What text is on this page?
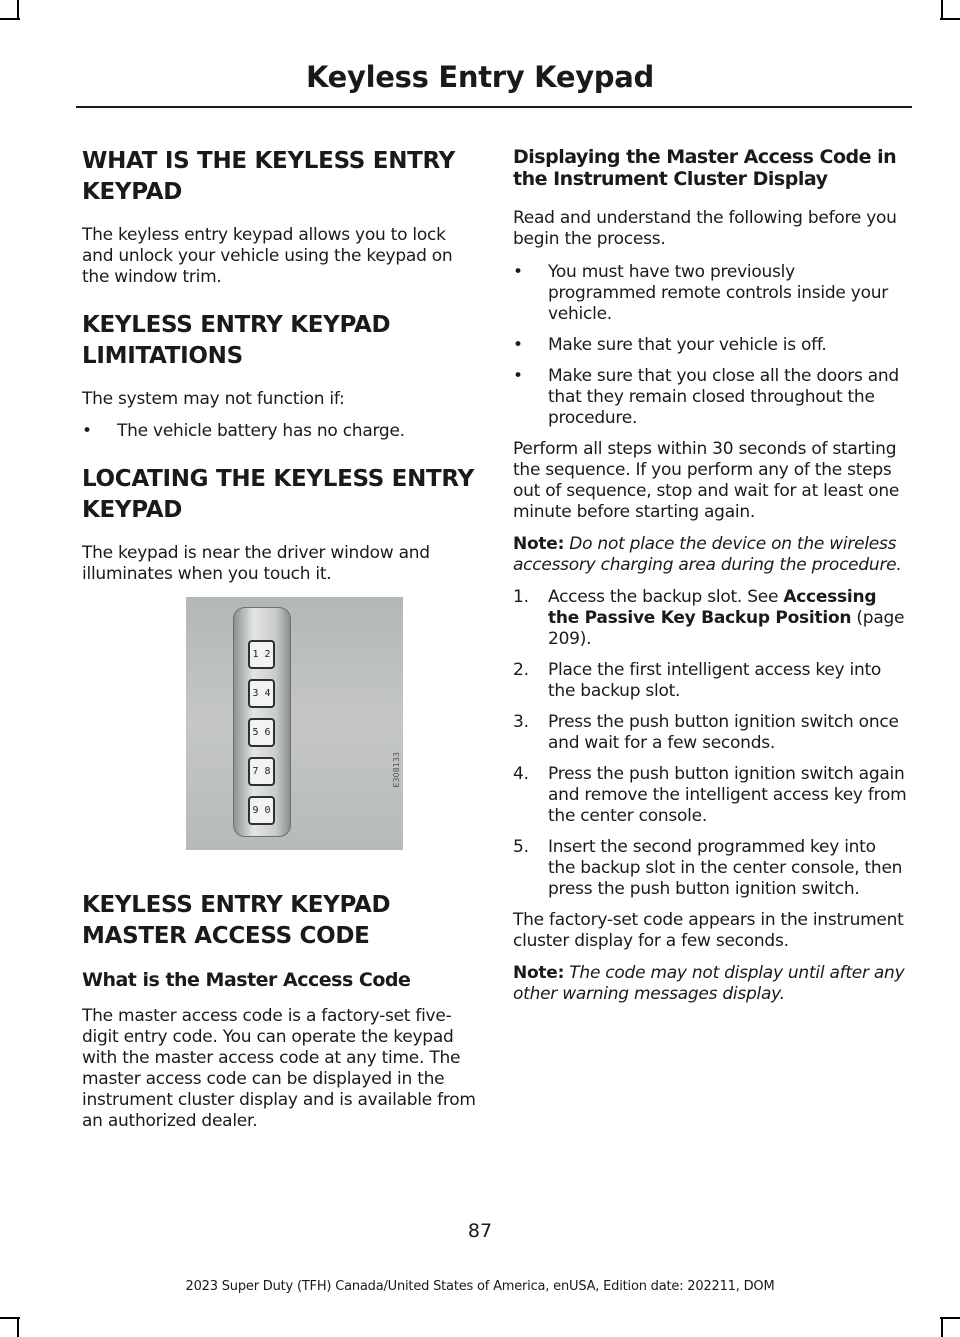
Keyless Entry Keypad
WHAT IS THE KEYLESS ENTRY KEYPAD

The keyless entry keypad allows you to lock and unlock your vehicle using the keypad on the window trim.

KEYLESS ENTRY KEYPAD LIMITATIONS

The system may not function if:

•	The vehicle battery has no charge.
LOCATING THE KEYLESS ENTRY KEYPAD

The keypad is near the driver window and illuminates when you touch it.

1 2
3 4
5 6
7 8
9 0
E308133
KEYLESS ENTRY KEYPAD MASTER ACCESS CODE
What is the Master Access Code

The master access code is a factory-set five-digit entry code. You can operate the keypad with the master access code at any time. The master access code can be displayed in the instrument cluster display and is available from an authorized dealer.

Displaying the Master Access Code in the Instrument Cluster Display

Read and understand the following before you begin the process.

•	You must have two previously programmed remote controls inside your vehicle.
•	Make sure that your vehicle is off.
•	Make sure that you close all the doors and that they remain closed throughout the procedure.

Perform all steps within 30 seconds of starting the sequence. If you perform any of the steps out of sequence, stop and wait for at least one minute before starting again.

Note: Do not place the device on the wireless accessory charging area during the procedure.

1.	Access the backup slot. See Accessing the Passive Key Backup Position (page 209).
2.	Place the first intelligent access key into the backup slot.
3.	Press the push button ignition switch once and wait for a few seconds.
4.	Press the push button ignition switch again and remove the intelligent access key from the center console.
5.	Insert the second programmed key into the backup slot in the center console, then press the push button ignition switch.

The factory-set code appears in the instrument cluster display for a few seconds.

Note: The code may not display until after any other warning messages display.

87
2023 Super Duty (TFH) Canada/United States of America, enUSA, Edition date: 202211, DOM
